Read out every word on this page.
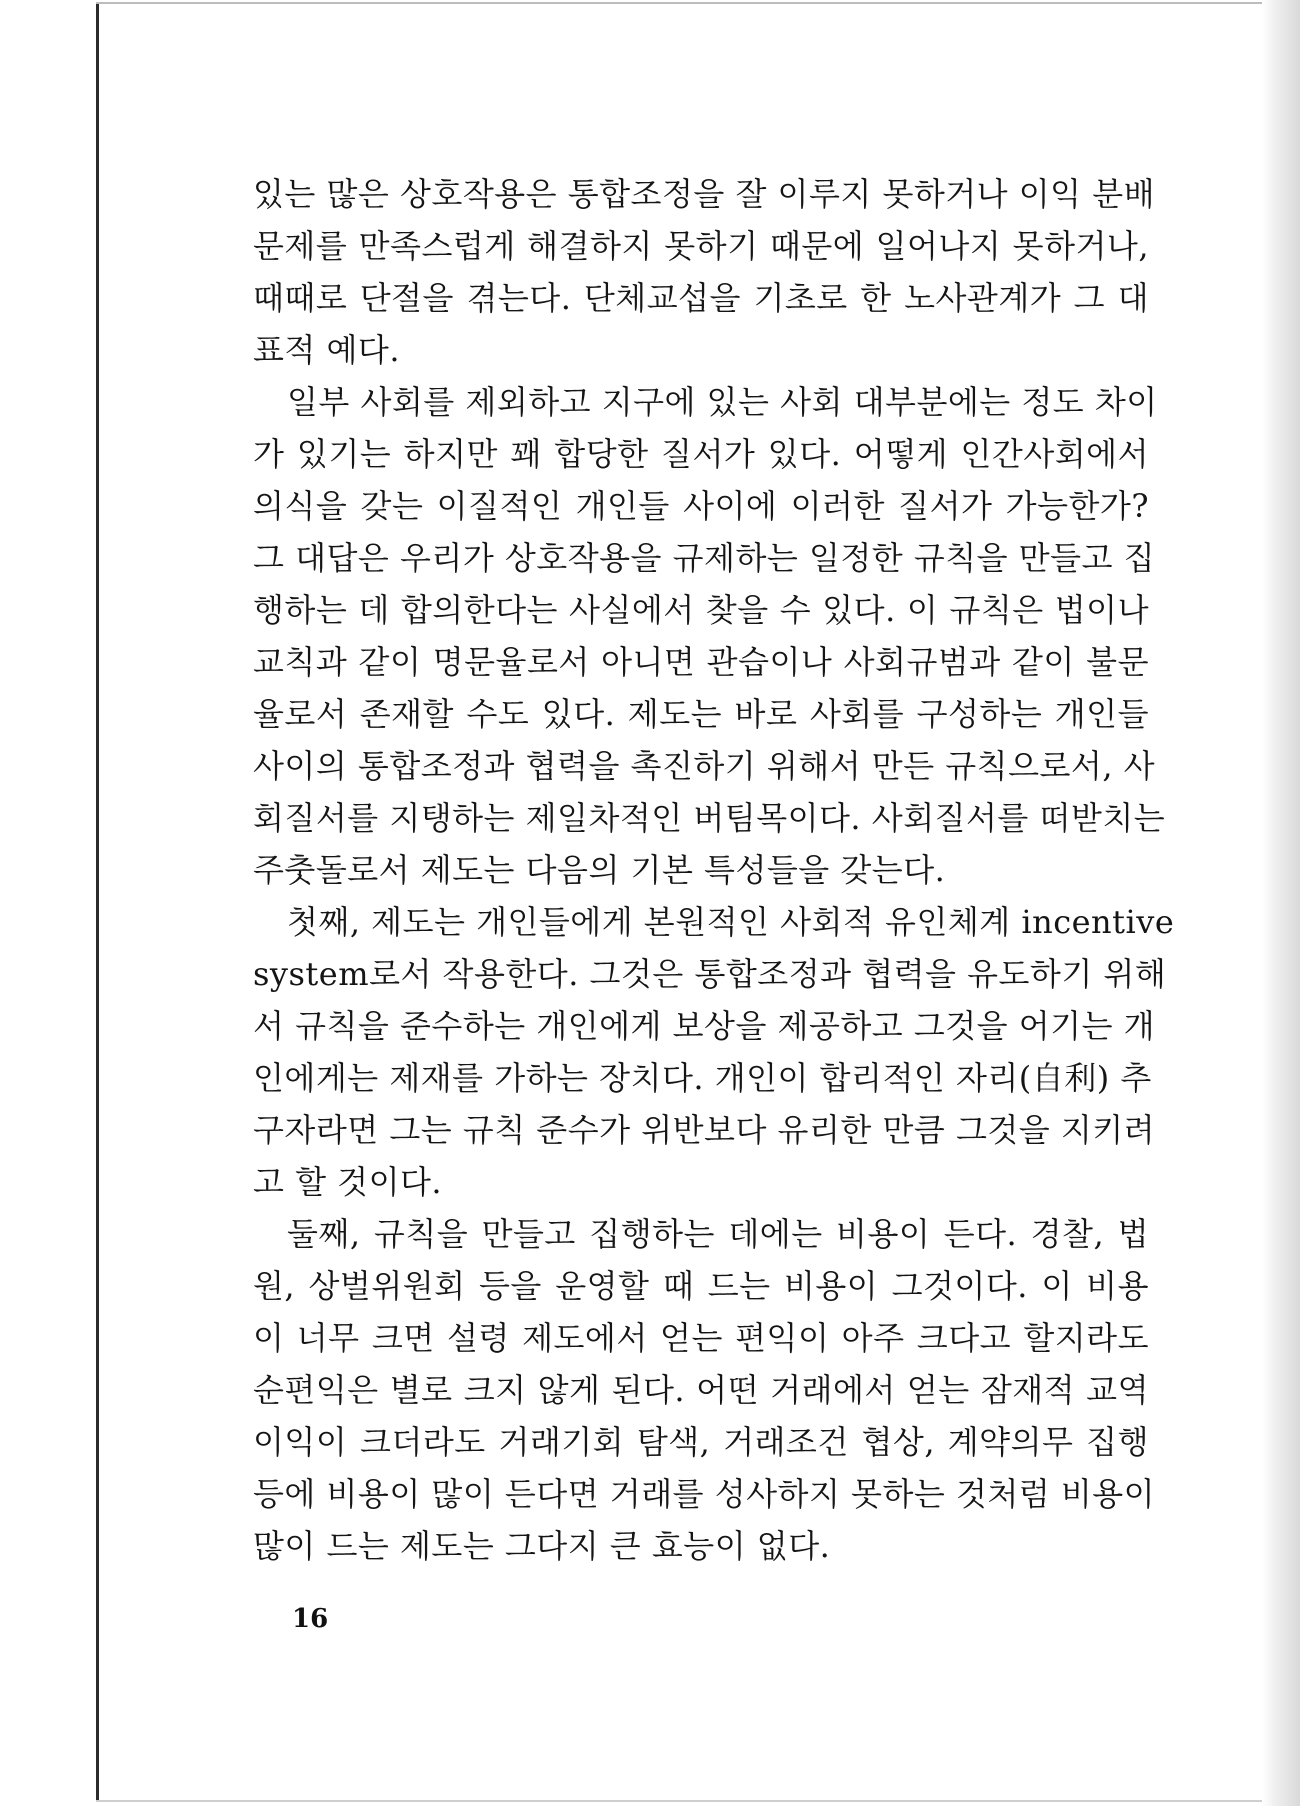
있는 많은 상호작용은 통합조정을 잘 이루지 못하거나 이익 분배
문제를 만족스럽게 해결하지 못하기 때문에 일어나지 못하거나,
때때로 단절을 겪는다. 단체교섭을 기초로 한 노사관계가 그 대
표적 예다.
일부 사회를 제외하고 지구에 있는 사회 대부분에는 정도 차이
가 있기는 하지만 꽤 합당한 질서가 있다. 어떻게 인간사회에서
의식을 갖는 이질적인 개인들 사이에 이러한 질서가 가능한가?
그 대답은 우리가 상호작용을 규제하는 일정한 규칙을 만들고 집
행하는 데 합의한다는 사실에서 찾을 수 있다. 이 규칙은 법이나
교칙과 같이 명문율로서 아니면 관습이나 사회규범과 같이 불문
율로서 존재할 수도 있다. 제도는 바로 사회를 구성하는 개인들
사이의 통합조정과 협력을 촉진하기 위해서 만든 규칙으로서, 사
회질서를 지탱하는 제일차적인 버팀목이다. 사회질서를 떠받치는
주춧돌로서 제도는 다음의 기본 특성들을 갖는다.
첫째, 제도는 개인들에게 본원적인 사회적 유인체계 incentive
system로서 작용한다. 그것은 통합조정과 협력을 유도하기 위해
서 규칙을 준수하는 개인에게 보상을 제공하고 그것을 어기는 개
인에게는 제재를 가하는 장치다. 개인이 합리적인 자리(自利) 추
구자라면 그는 규칙 준수가 위반보다 유리한 만큼 그것을 지키려
고 할 것이다.
둘째, 규칙을 만들고 집행하는 데에는 비용이 든다. 경찰, 법
원, 상벌위원회 등을 운영할 때 드는 비용이 그것이다. 이 비용
이 너무 크면 설령 제도에서 얻는 편익이 아주 크다고 할지라도
순편익은 별로 크지 않게 된다. 어떤 거래에서 얻는 잠재적 교역
이익이 크더라도 거래기회 탐색, 거래조건 협상, 계약의무 집행
등에 비용이 많이 든다면 거래를 성사하지 못하는 것처럼 비용이
많이 드는 제도는 그다지 큰 효능이 없다.
16
